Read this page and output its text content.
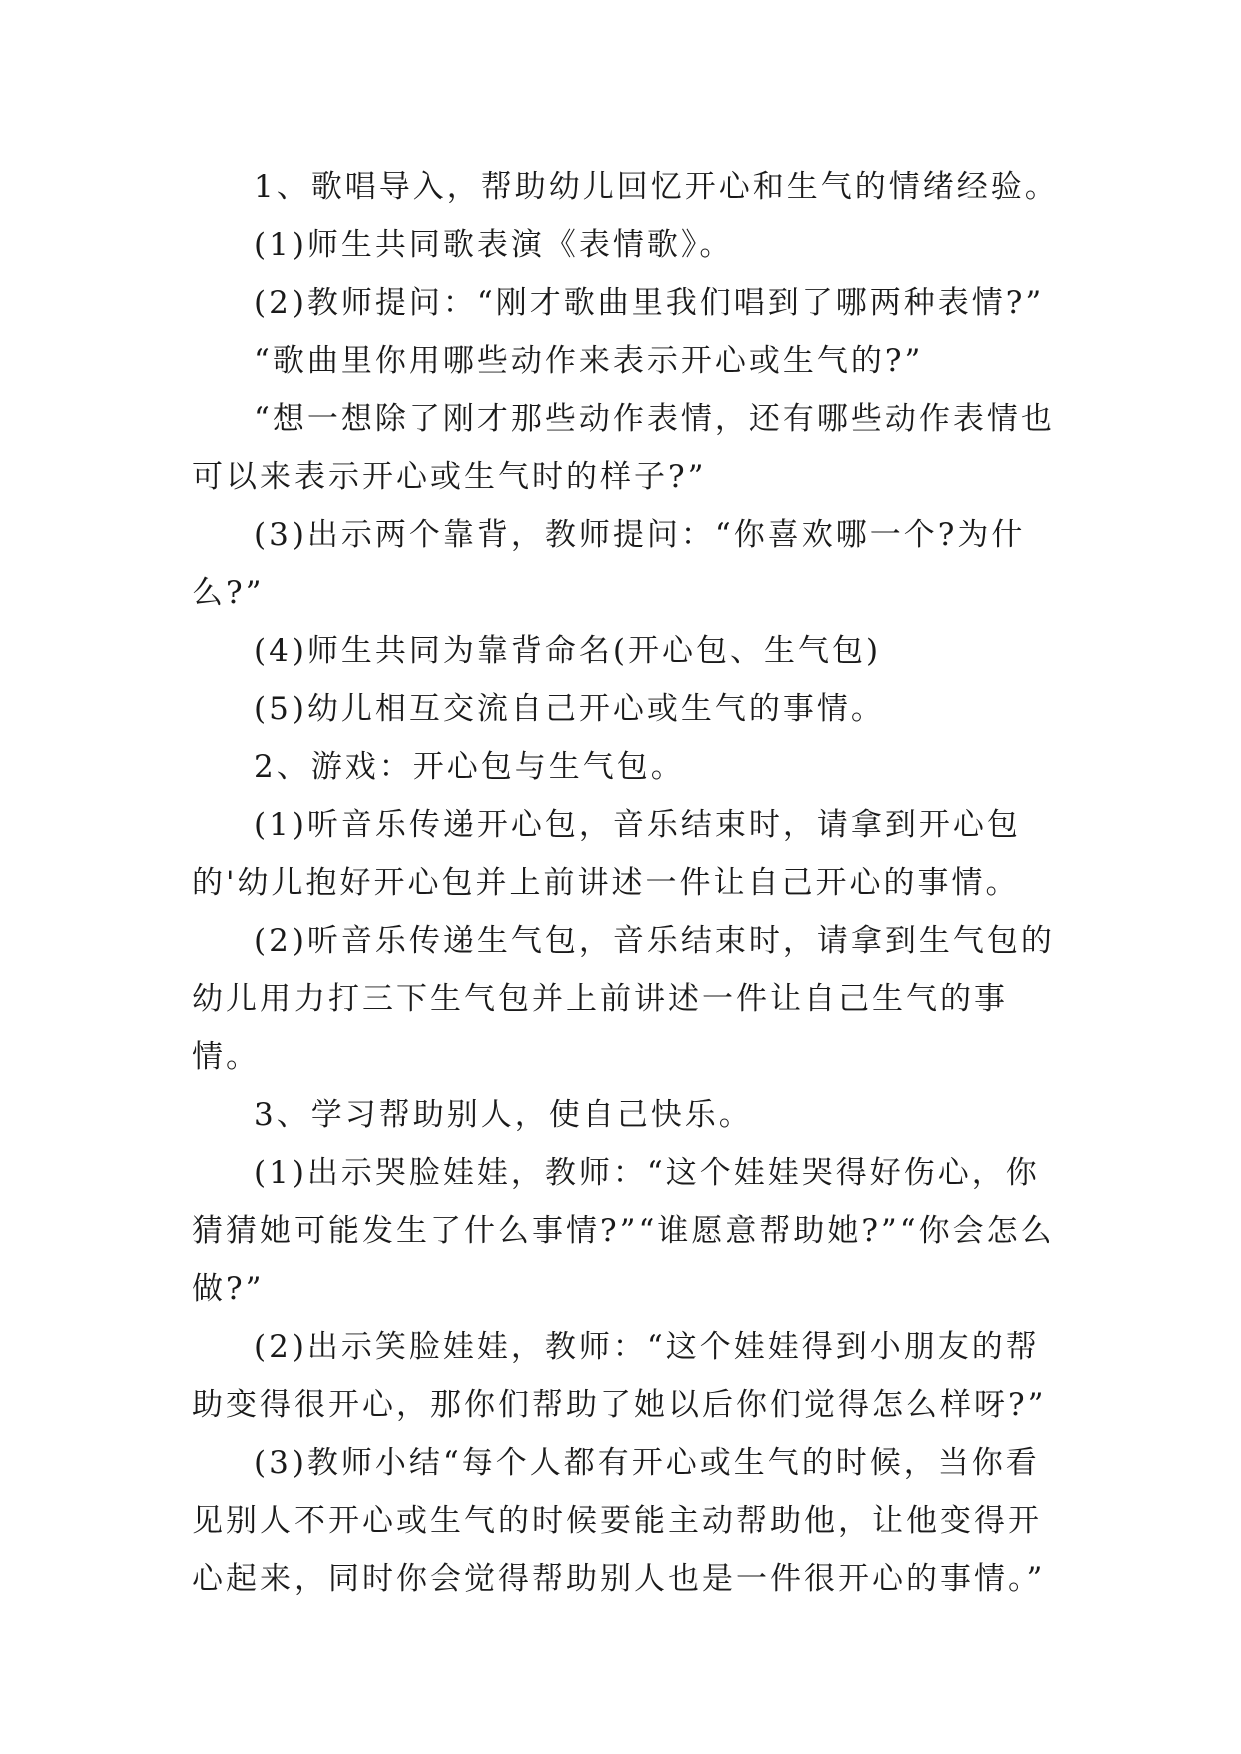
1、歌唱导入，帮助幼儿回忆开心和生气的情绪经验。

(1)师生共同歌表演《表情歌》。

(2)教师提问：“刚才歌曲里我们唱到了哪两种表情?”

“歌曲里你用哪些动作来表示开心或生气的?”

“想一想除了刚才那些动作表情，还有哪些动作表情也可以来表示开心或生气时的样子?”

(3)出示两个靠背，教师提问：“你喜欢哪一个?为什么?”

(4)师生共同为靠背命名(开心包、生气包)

(5)幼儿相互交流自己开心或生气的事情。

2、游戏：开心包与生气包。

(1)听音乐传递开心包，音乐结束时，请拿到开心包的'幼儿抱好开心包并上前讲述一件让自己开心的事情。

(2)听音乐传递生气包，音乐结束时，请拿到生气包的幼儿用力打三下生气包并上前讲述一件让自己生气的事情。

3、学习帮助别人，使自己快乐。

(1)出示哭脸娃娃，教师：“这个娃娃哭得好伤心，你猜猜她可能发生了什么事情?”“谁愿意帮助她?”“你会怎么做?”

(2)出示笑脸娃娃，教师：“这个娃娃得到小朋友的帮助变得很开心，那你们帮助了她以后你们觉得怎么样呀?”

(3)教师小结“每个人都有开心或生气的时候，当你看见别人不开心或生气的时候要能主动帮助他，让他变得开心起来，同时你会觉得帮助别人也是一件很开心的事情。”
